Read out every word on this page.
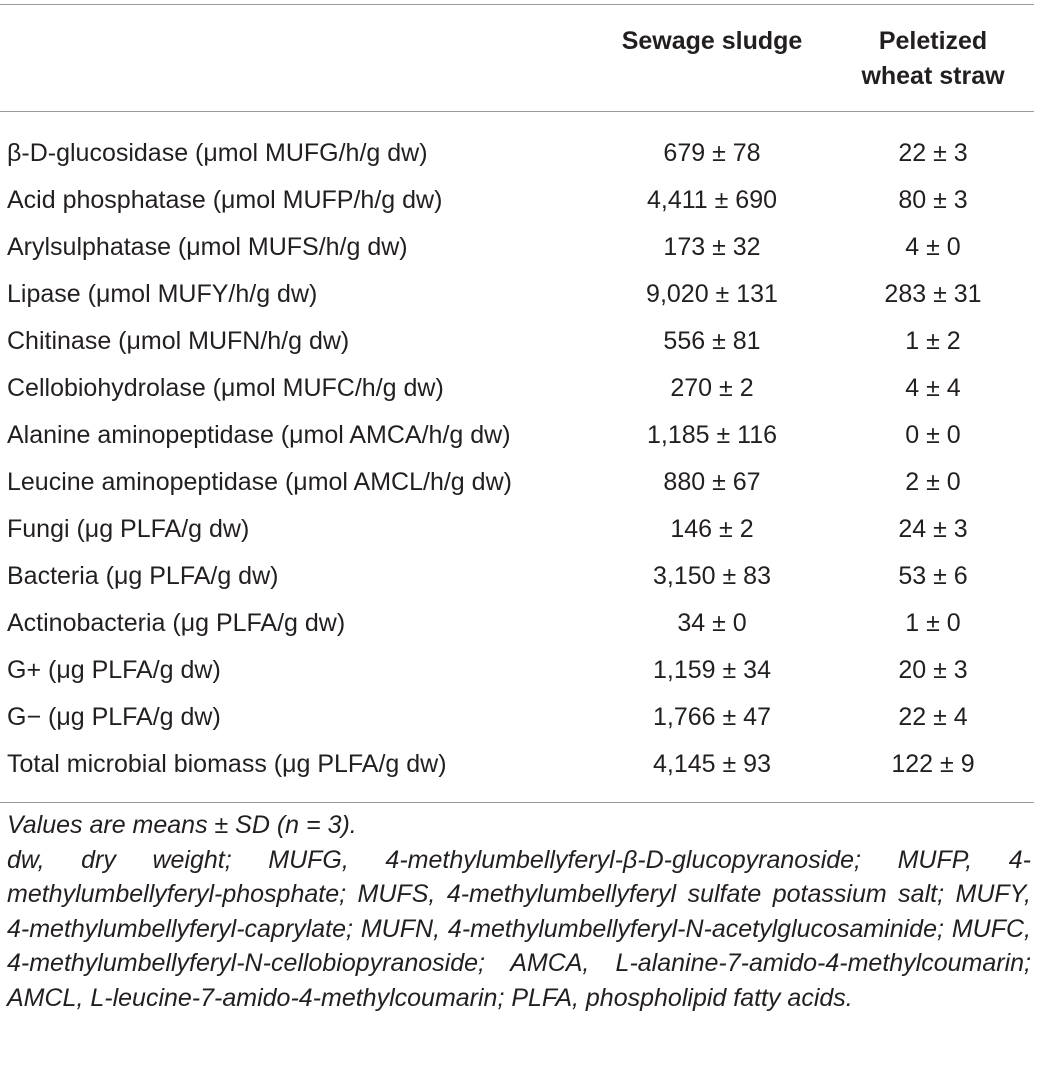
	Sewage sludge	Peletized wheat straw
β-D-glucosidase (μmol MUFG/h/g dw)	679 ± 78	22 ± 3
Acid phosphatase (μmol MUFP/h/g dw)	4,411 ± 690	80 ± 3
Arylsulphatase (μmol MUFS/h/g dw)	173 ± 32	4 ± 0
Lipase (μmol MUFY/h/g dw)	9,020 ± 131	283 ± 31
Chitinase (μmol MUFN/h/g dw)	556 ± 81	1 ± 2
Cellobiohydrolase (μmol MUFC/h/g dw)	270 ± 2	4 ± 4
Alanine aminopeptidase (μmol AMCA/h/g dw)	1,185 ± 116	0 ± 0
Leucine aminopeptidase (μmol AMCL/h/g dw)	880 ± 67	2 ± 0
Fungi (μg PLFA/g dw)	146 ± 2	24 ± 3
Bacteria (μg PLFA/g dw)	3,150 ± 83	53 ± 6
Actinobacteria (μg PLFA/g dw)	34 ± 0	1 ± 0
G+ (μg PLFA/g dw)	1,159 ± 34	20 ± 3
G− (μg PLFA/g dw)	1,766 ± 47	22 ± 4
Total microbial biomass (μg PLFA/g dw)	4,145 ± 93	122 ± 9

Values are means ± SD (n = 3).

dw, dry weight; MUFG, 4-methylumbellyferyl-β-D-glucopyranoside; MUFP, 4-methylumbellyferyl-phosphate; MUFS, 4-methylumbellyferyl sulfate potassium salt; MUFY, 4-methylumbellyferyl-caprylate; MUFN, 4-methylumbellyferyl-N-acetylglucosaminide; MUFC, 4-methylumbellyferyl-N-cellobiopyranoside; AMCA, L-alanine-7-amido-4-methylcoumarin; AMCL, L-leucine-7-amido-4-methylcoumarin; PLFA, phospholipid fatty acids.
